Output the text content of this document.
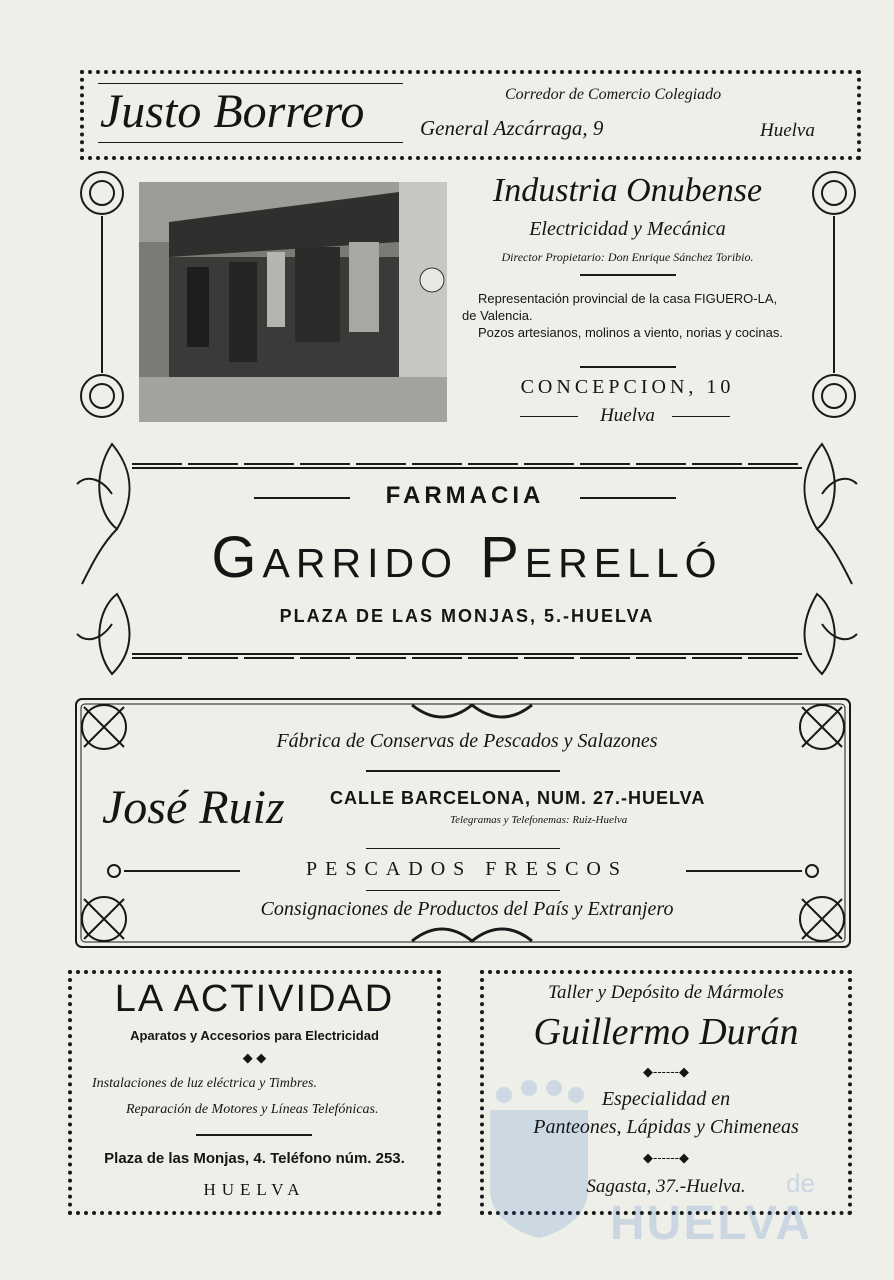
Justo Borrero	Corredor de Comercio Colegiado
General Azcárraga, 9	Huelva
Industria Onubense
Electricidad y Mecánica
Director Propietario: Don Enrique Sánchez Toribio.
Representación provincial de la casa FIGUERO-LA, de Valencia.
Pozos artesianos, molinos a viento, norias y cocinas.
CONCEPCION, 10
Huelva
FARMACIA
Garrido Perelló
PLAZA DE LAS MONJAS, 5.-HUELVA
Fábrica de Conservas de Pescados y Salazones
José Ruiz	CALLE BARCELONA, NUM. 27.-HUELVA
Telegramas y Telefonemas: Ruiz-Huelva
PESCADOS FRESCOS
Consignaciones de Productos del País y Extranjero
LA ACTIVIDAD
Aparatos y Accesorios para Electricidad
◆ ◆
Instalaciones de luz eléctrica y Timbres.
Reparación de Motores y Líneas Telefónicas.
Plaza de las Monjas, 4. Teléfono núm. 253.
HUELVA	de
HUELVA
Taller y Depósito de Mármoles
Guillermo Durán
◆‑‑‑‑‑‑◆
Especialidad en
Panteones, Lápidas y Chimeneas
◆‑‑‑‑‑‑◆
Sagasta, 37.-Huelva.
